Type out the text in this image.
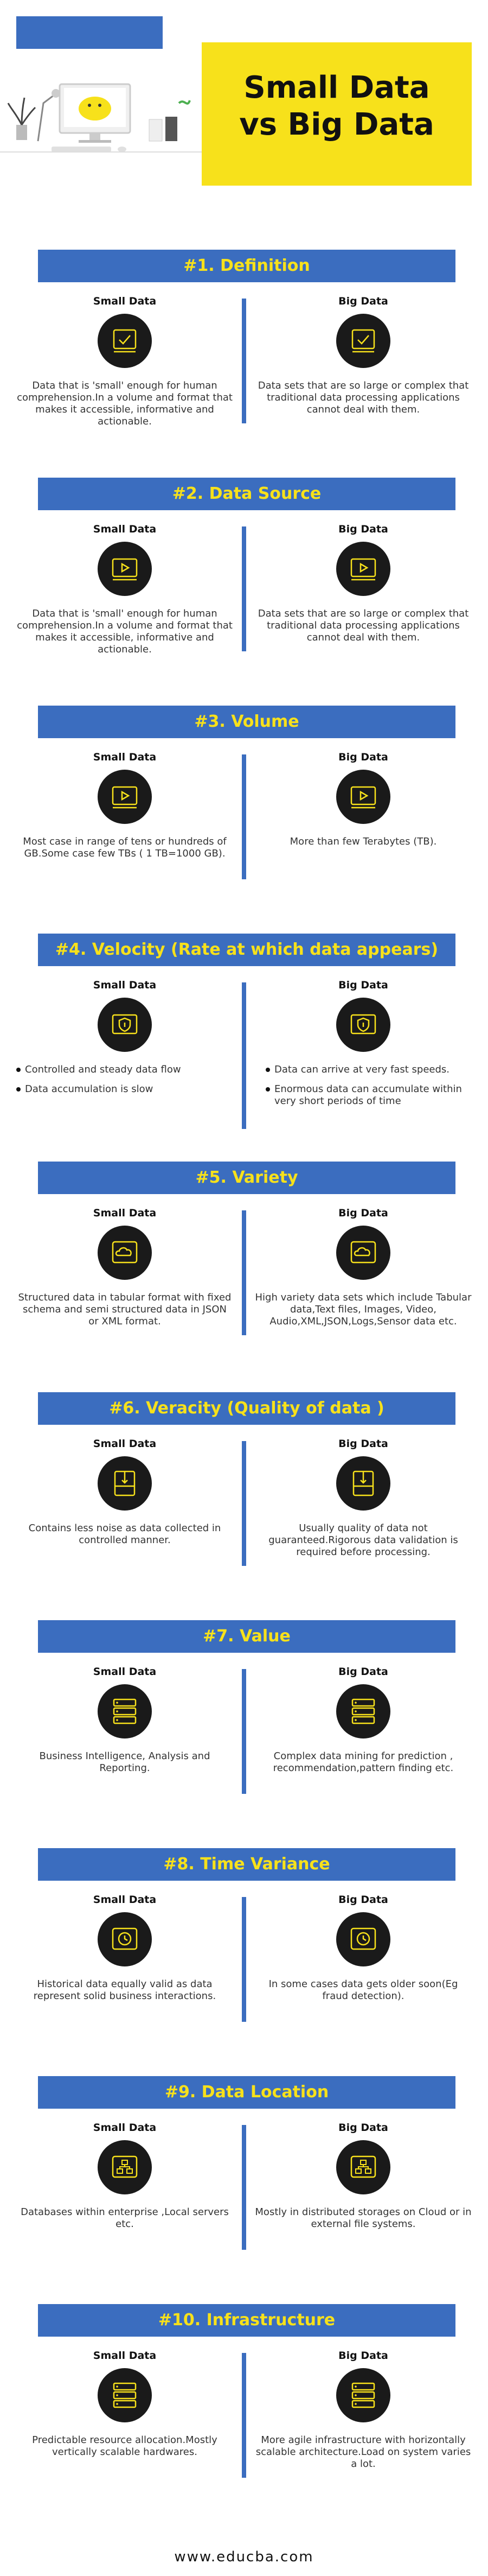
Small Data
vs Big Data
#1. Definition
Small Data
Data that is 'small' enough for human comprehension.In a volume and format that makes it accessible, informative and actionable.
Big Data
Data sets that are so large or complex that traditional data processing applications cannot deal with them.
#2. Data Source
Small Data
Data that is 'small' enough for human comprehension.In a volume and format that makes it accessible, informative and actionable.
Big Data
Data sets that are so large or complex that traditional data processing applications cannot deal with them.
#3. Volume
Small Data
Most case in range of tens or hundreds of GB.Some case few TBs ( 1 TB=1000 GB).
Big Data
More than few Terabytes (TB).
#4. Velocity (Rate at which data appears)
Small Data
Controlled and steady data flow
Data accumulation is slow
Big Data
Data can arrive at very fast speeds.
Enormous data can accumulate within very short periods of time
#5. Variety
Small Data
Structured data in tabular format with fixed schema and semi structured data in JSON or XML format.
Big Data
High variety data sets which include Tabular data,Text files, Images, Video, Audio,XML,JSON,Logs,Sensor data etc.
#6. Veracity (Quality of data )
Small Data
Contains less noise as data collected in controlled manner.
Big Data
Usually quality of data not guaranteed.Rigorous data validation is required before processing.
#7. Value
Small Data
Business Intelligence, Analysis and Reporting.
Big Data
Complex data mining for prediction , recommendation,pattern finding etc.
#8. Time Variance
Small Data
Historical data equally valid as data represent solid business interactions.
Big Data
In some cases data gets older soon(Eg fraud detection).
#9. Data Location
Small Data
Databases within enterprise ,Local servers etc.
Big Data
Mostly in distributed storages on Cloud or in external file systems.
#10. Infrastructure
Small Data
Predictable resource allocation.Mostly vertically scalable hardwares.
Big Data
More agile infrastructure with horizontally scalable architecture.Load on system varies a lot.
www.educba.com
